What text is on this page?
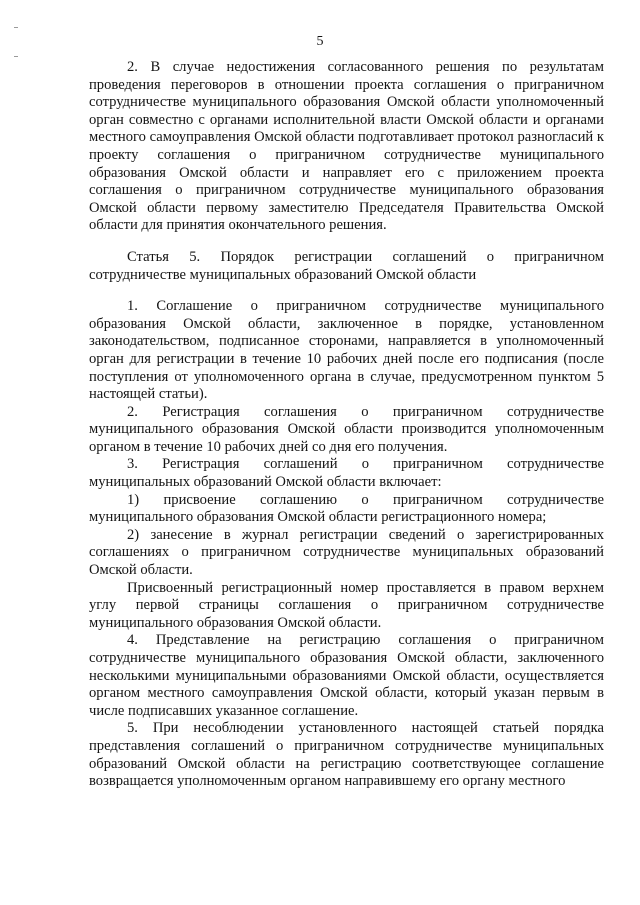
5

2. В случае недостижения согласованного решения по результатам проведения переговоров в отношении проекта соглашения о приграничном сотрудничестве муниципального образования Омской области уполномоченный орган совместно с органами исполнительной власти Омской области и органами местного самоуправления Омской области подготавливает протокол разногласий к проекту соглашения о приграничном сотрудничестве муниципального образования Омской области и направляет его с приложением проекта соглашения о приграничном сотрудничестве муниципального образования Омской области первому заместителю Председателя Правительства Омской области для принятия окончательного решения.

Статья 5. Порядок регистрации соглашений о приграничном сотрудничестве муниципальных образований Омской области

1. Соглашение о приграничном сотрудничестве муниципального образования Омской области, заключенное в порядке, установленном законодательством, подписанное сторонами, направляется в уполномоченный орган для регистрации в течение 10 рабочих дней после его подписания (после поступления от уполномоченного органа в случае, предусмотренном пунктом 5 настоящей статьи).

2. Регистрация соглашения о приграничном сотрудничестве муниципального образования Омской области производится уполномоченным органом в течение 10 рабочих дней со дня его получения.

3. Регистрация соглашений о приграничном сотрудничестве муниципальных образований Омской области включает:

1) присвоение соглашению о приграничном сотрудничестве муниципального образования Омской области регистрационного номера;

2) занесение в журнал регистрации сведений о зарегистрированных соглашениях о приграничном сотрудничестве муниципальных образований Омской области.

Присвоенный регистрационный номер проставляется в правом верхнем углу первой страницы соглашения о приграничном сотрудничестве муниципального образования Омской области.

4. Представление на регистрацию соглашения о приграничном сотрудничестве муниципального образования Омской области, заключенного несколькими муниципальными образованиями Омской области, осуществляется органом местного самоуправления Омской области, который указан первым в числе подписавших указанное соглашение.

5. При несоблюдении установленного настоящей статьей порядка представления соглашений о приграничном сотрудничестве муниципальных образований Омской области на регистрацию соответствующее соглашение возвращается уполномоченным органом направившему его органу местного
